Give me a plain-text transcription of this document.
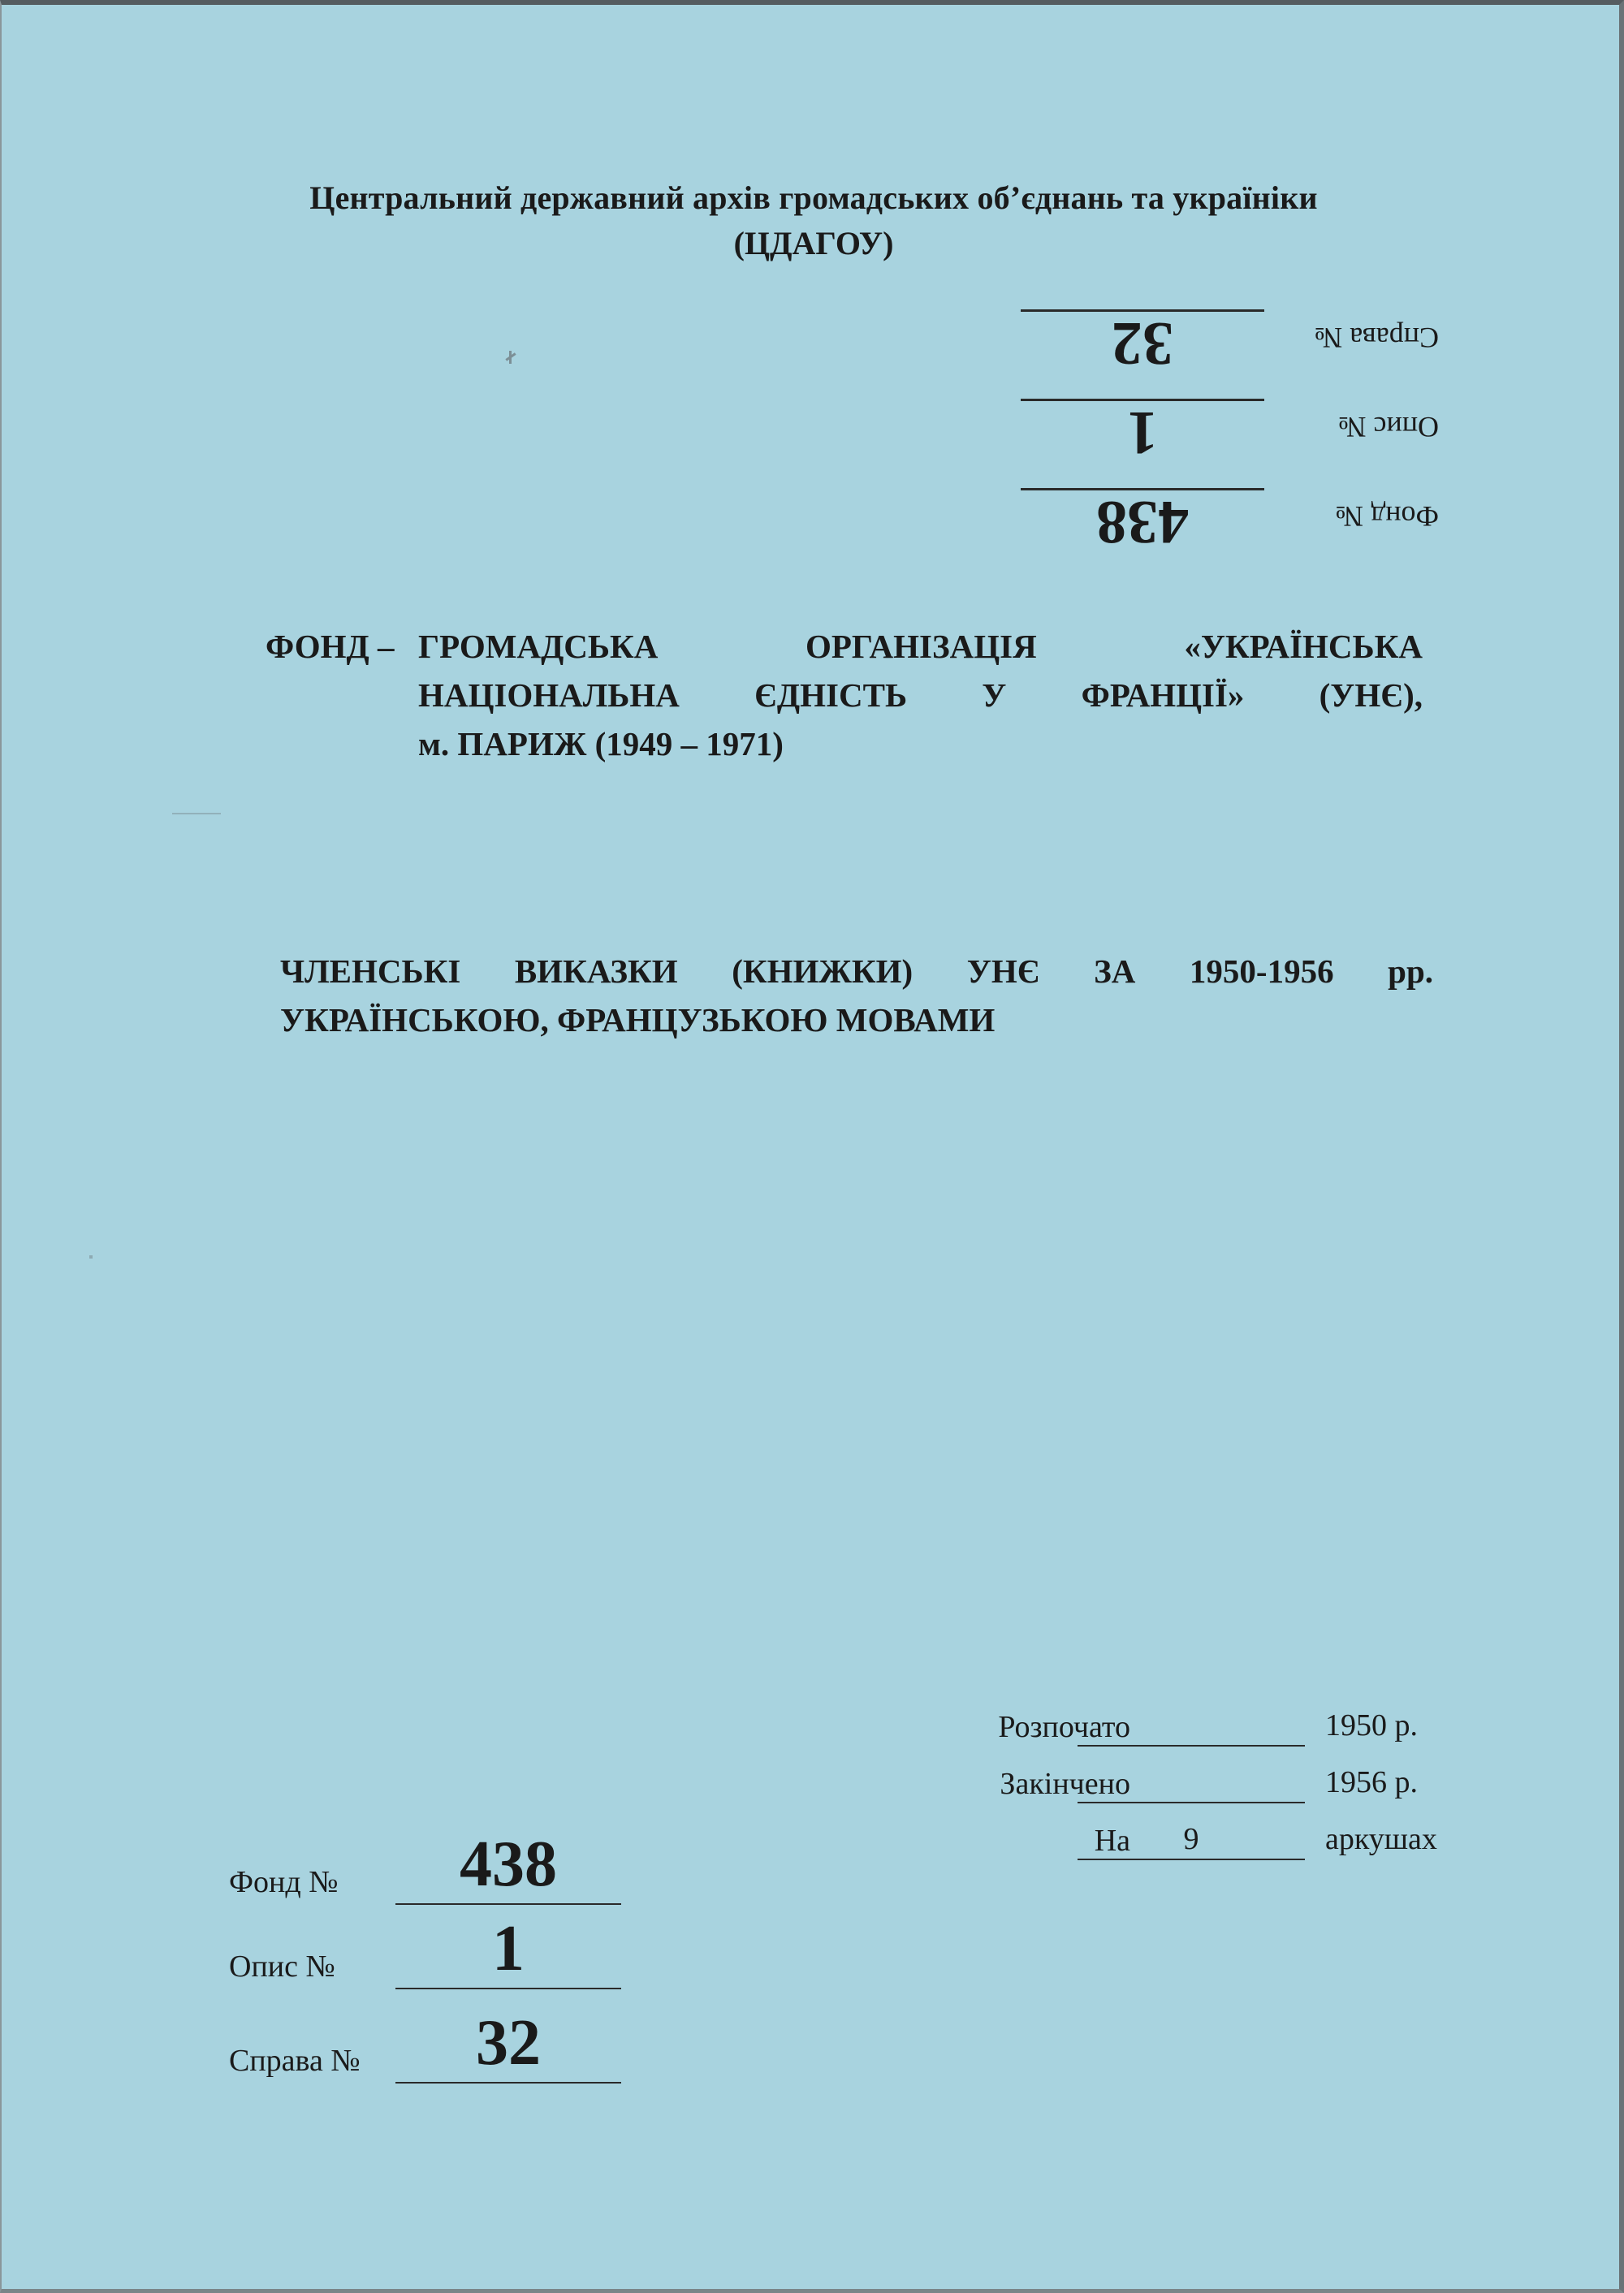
Центральний державний архів громадських об’єднань та україніки
(ЦДАГОУ)
Фонд №
438
Опис №
1
Справа №
32
ФОНД – ГРОМАДСЬКА ОРГАНІЗАЦІЯ «УКРАЇНСЬКА
НАЦІОНАЛЬНА ЄДНІСТЬ У ФРАНЦІЇ» (УНЄ),
м. ПАРИЖ (1949 – 1971)
ЧЛЕНСЬКІ ВИКАЗКИ (КНИЖКИ) УНЄ ЗА 1950-1956 рр.
УКРАЇНСЬКОЮ, ФРАНЦУЗЬКОЮ МОВАМИ
Розпочато	1950 р.
Закінчено	1956 р.
На	9	аркушах
Фонд №	438
Опис №	1
Справа №	32
